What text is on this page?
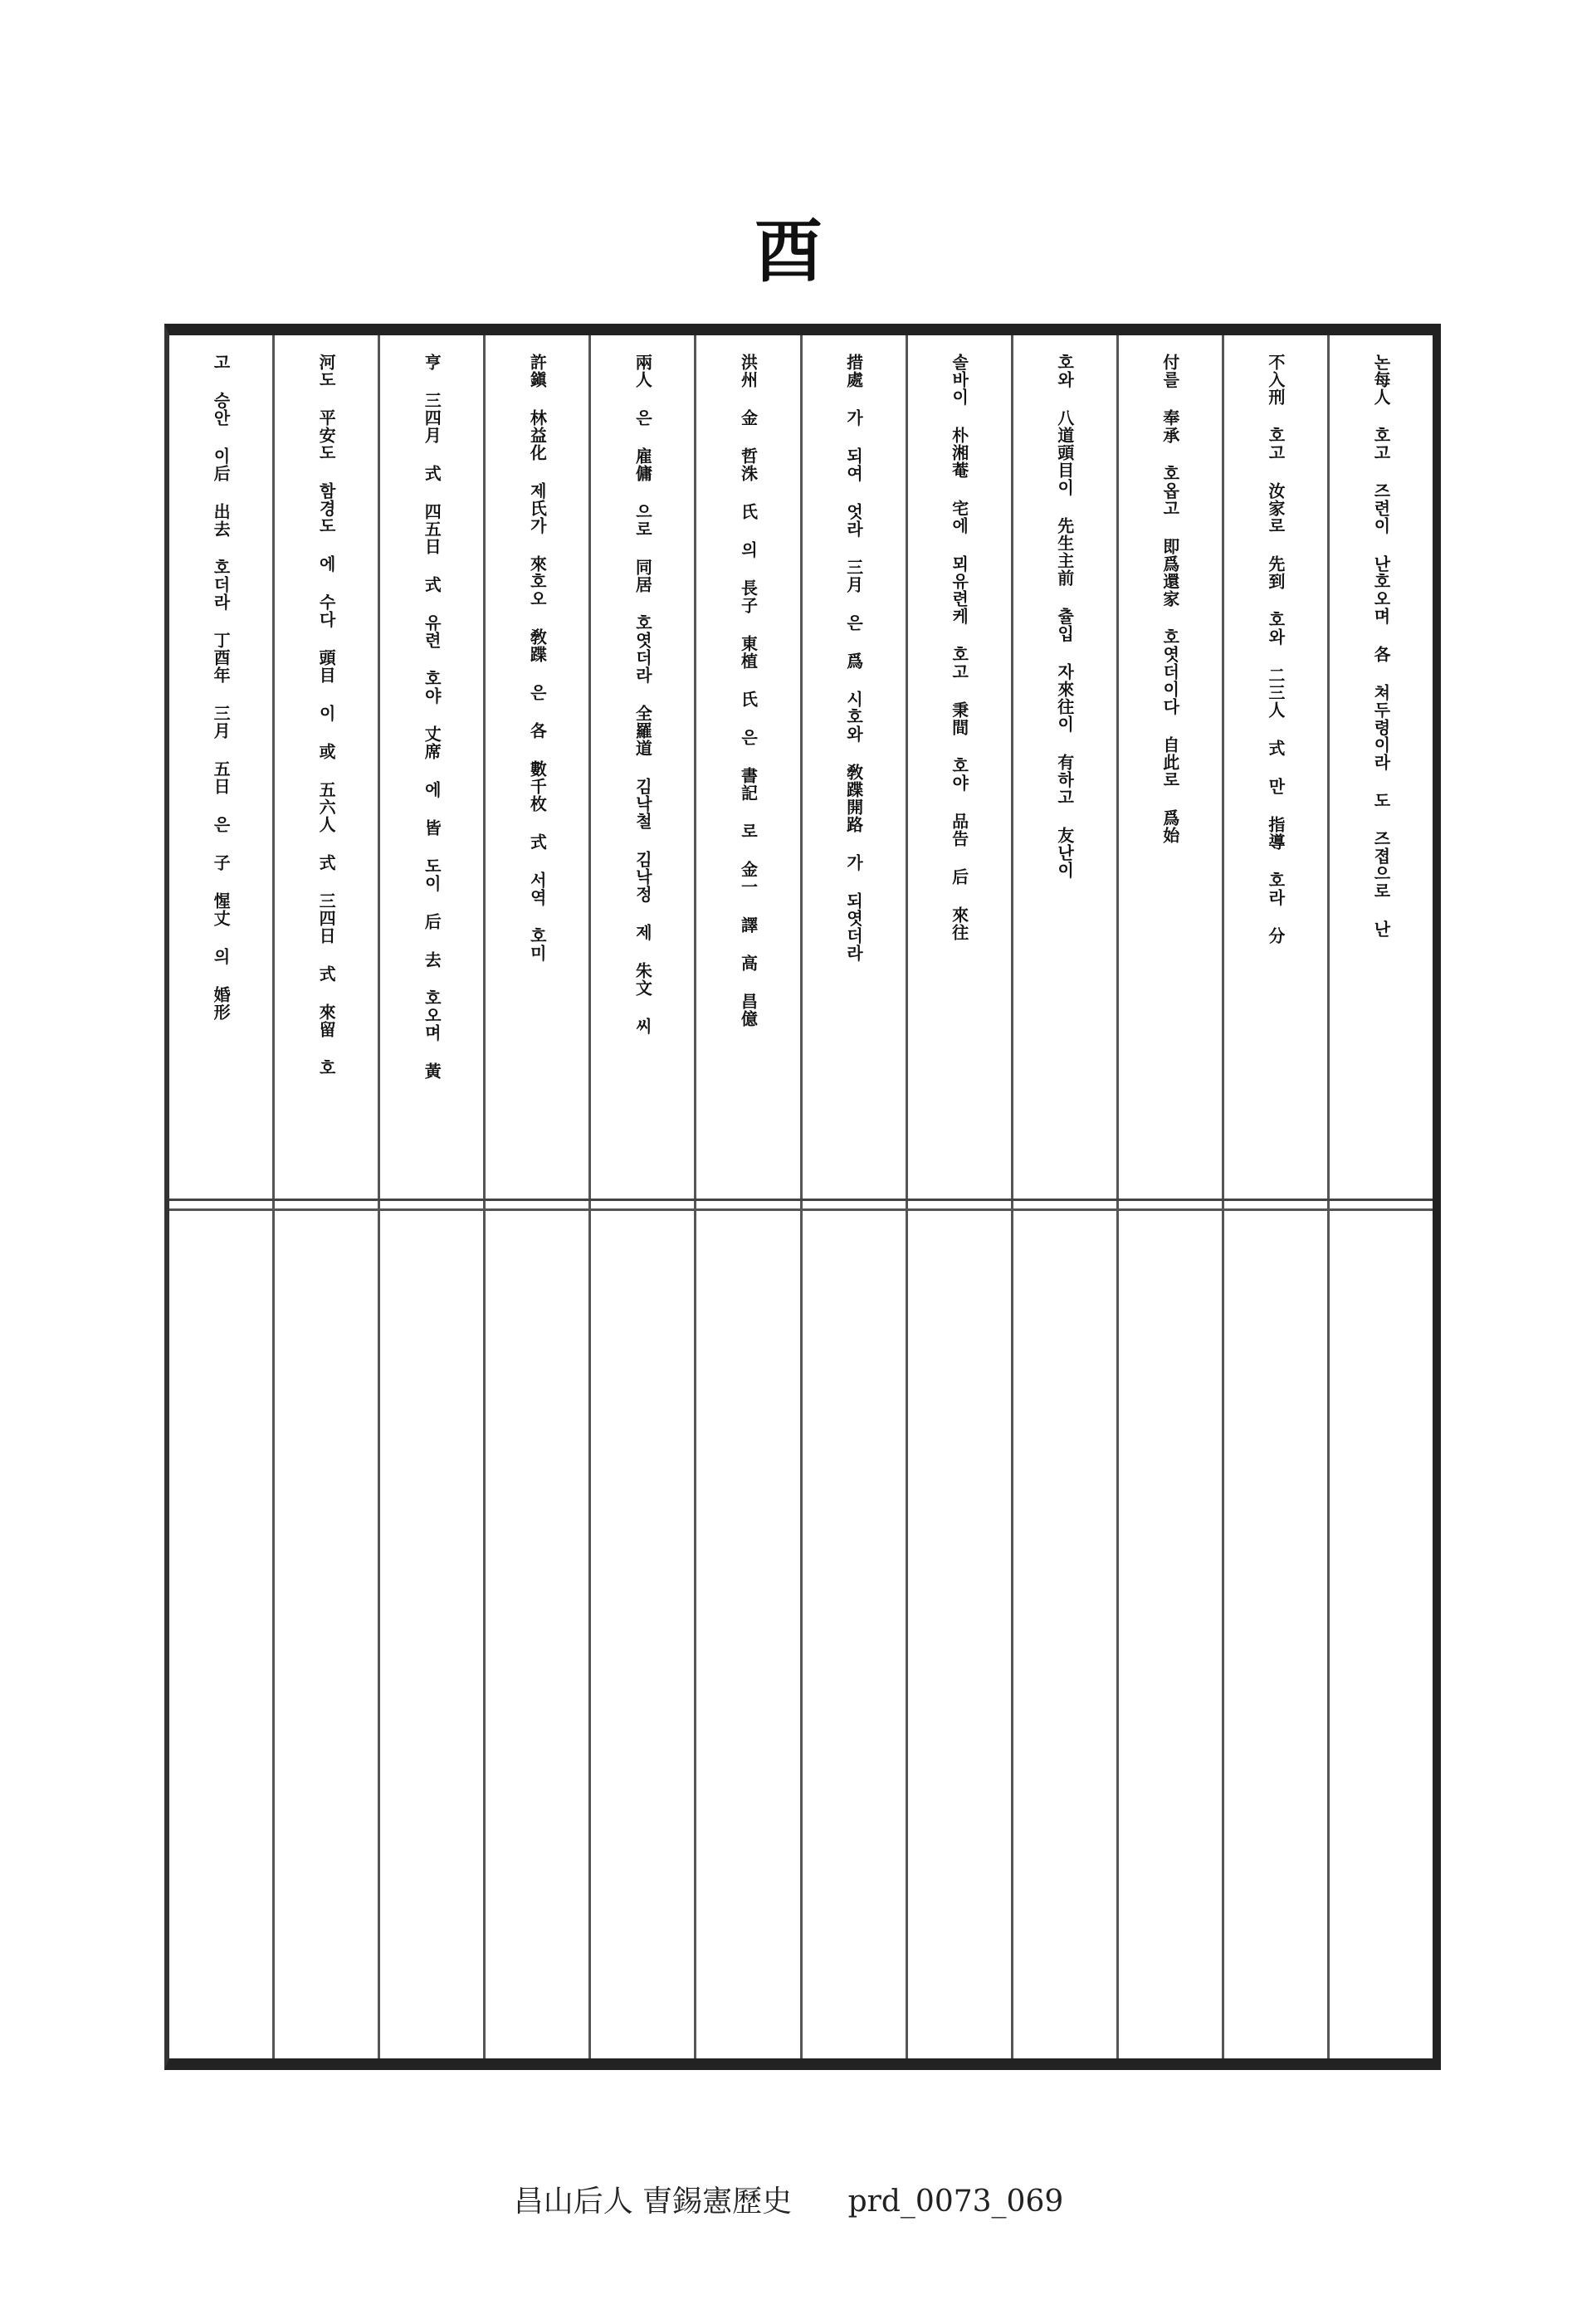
酉
논每人 호고 즈련이 난호오며 各 쳐두령이라 도 즈졉으로 난
不入刑 호고 汝家로 先到 호와 二三人 式 만 指導 호라 分
付를 奉承 호옵고 即爲還家 호엿더이다 自此로 爲始
호와 八道頭目이 先生主前 츌입 자來往이 有하고 友난이
솔바이 朴湘菴 宅에 뫼유련케 호고 秉間 호야 品告 后 來往
措處 가 되여 엇라 三月 은 爲 시호와 敎蹀開路 가 되엿더라
洪州 金 哲洙 氏 의 長子 東植 氏 은 書記 로 金一 譯 高 昌億
兩人 은 雇傭 으로 同居 호엿더라 全羅道 김낙철 김낙정 제 朱文 씨
許鎭 林益化 제氏가 來호오 敎蹀 은 各 數千枚 式 서역 호미
亨 三四月 式 四五日 式 유련 호야 丈席 에 皆 도이 后 去 호오며 黃
河도 平安도 함경도 에 수다 頭目 이 或 五六人 式 三四日 式 來留 호
고 승안 이后 出去 호더라 丁酉年 三月 五日 은 子 惺丈 의 婚形
昌山后人 曺錫憲歷史 prd_0073_069
